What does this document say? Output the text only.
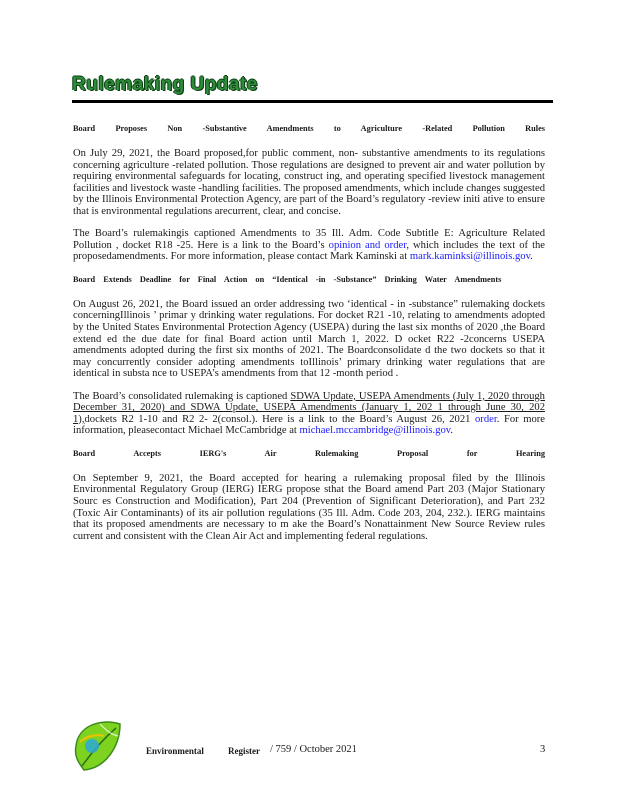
Rulemaking Update
Board Proposes Non -Substantive Amendments to Agriculture -Related Pollution Rules

On July 29, 2021, the Board proposed,for public comment, non- substantive amendments to its regulations concerning agriculture -related pollution. Those regulations are designed to prevent air and water pollution by requiring environmental safeguards for locating, construct ing, and operating specified livestock management facilities and livestock waste -handling facilities. The proposed amendments, which include changes suggested by the Illinois Environmental Protection Agency, are part of the Board’s regulatory -review initi ative to ensure that is environmental regulations arecurrent, clear, and concise.

The Board’s rulemakingis captioned Amendments to 35 Ill. Adm. Code Subtitle E: Agriculture Related Pollution , docket R18 -25. Here is a link to the Board’s opinion and order, which includes the text of the proposedamendments. For more information, please contact Mark Kaminski at mark.kaminksi@illinois.gov.

Board Extends Deadline for Final Action on “Identical -in -Substance” Drinking Water Amendments

On August 26, 2021, the Board issued an order addressing two ‘identical - in -substance” rulemaking dockets concerningIllinois ’ primar y drinking water regulations. For docket R21 -10, relating to amendments adopted by the United States Environmental Protection Agency (USEPA) during the last six months of 2020 ,the Board extend ed the due date for final Board action until March 1, 2022. D ocket R22 -2concerns USEPA amendments adopted during the first six months of 2021. The Boardconsolidate d the two dockets so that it may concurrently consider adopting amendments toIllinois’ primary drinking water regulations that are identical in substa nce to USEPA’s amendments from that 12 -month period .

The Board’s consolidated rulemaking is captioned SDWA Update, USEPA Amendments (July 1, 2020 through December 31, 2020) and SDWA Update, USEPA Amendments (January 1, 202 1 through June 30, 202 1),dockets R2 1-10 and R2 2- 2(consol.). Here is a link to the Board’s August 26, 2021 order. For more information, pleasecontact Michael McCambridge at michael.mccambridge@illinois.gov.

Board Accepts IERG's Air Rulemaking Proposal for Hearing

On September 9, 2021, the Board accepted for hearing a rulemaking proposal filed by the Illinois Environmental Regulatory Group (IERG) IERG propose sthat the Board amend Part 203 (Major Stationary Sourc es Construction and Modification), Part 204 (Prevention of Significant Deterioration), and Part 232 (Toxic Air Contaminants) of its air pollution regulations (35 Ill. Adm. Code 203, 204, 232.). IERG maintains that its proposed amendments are necessary to m ake the Board’s Nonattainment New Source Review rules current and consistent with the Clean Air Act and implementing federal regulations.

Environmental	Register / 759 / October 2021	3
